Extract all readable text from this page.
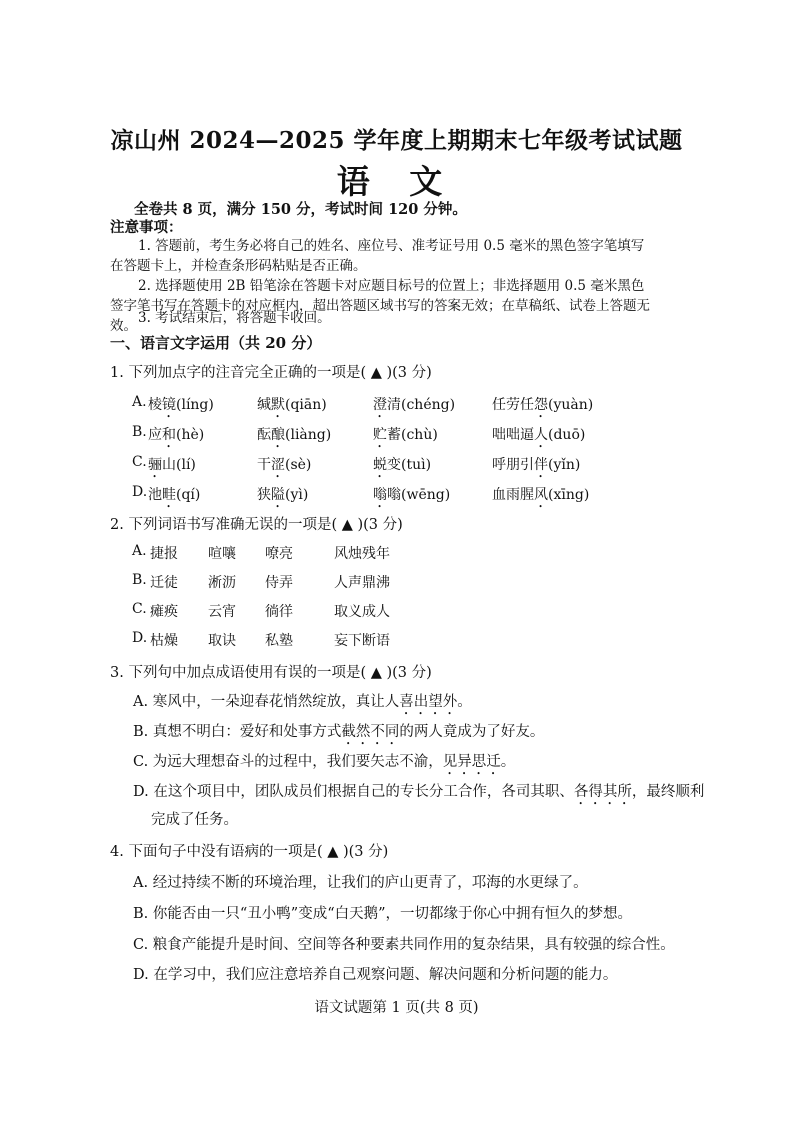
凉山州 2024—2025 学年度上期期末七年级考试试题
语 文
全卷共 8 页，满分 150 分，考试时间 120 分钟。
注意事项：

1. 答题前，考生务必将自己的姓名、座位号、准考证号用 0.5 毫米的黑色签字笔填写在答题卡上，并检查条形码粘贴是否正确。

2. 选择题使用 2B 铅笔涂在答题卡对应题目标号的位置上；非选择题用 0.5 毫米黑色签字笔书写在答题卡的对应框内，超出答题区域书写的答案无效；在草稿纸、试卷上答题无效。 3. 考试结束后，将答题卡收回。

一、语言文字运用（共 20 分）
1. 下列加点字的注音完全正确的一项是( ▲ )(3 分)
A. 棱镜(líng)	缄默(qiān)	澄清(chéng)	任劳任怨(yuàn)
B. 应和(hè)	酝酿(liàng)	贮蓄(chù)	咄咄逼人(duō)
C. 骊山(lí)	干涩(sè)	蜕变(tuì)	呼朋引伴(yǐn)
D. 池畦(qí)	狭隘(yì)	嗡嗡(wēng)	血雨腥风(xīng)
2. 下列词语书写准确无误的一项是( ▲ )(3 分)
A. 捷报 喧嚷 嘹亮	风烛残年
B. 迁徒 淅沥 侍弄	人声鼎沸
C. 瘫痪 云宵 徜徉	取义成人
D. 枯燥 取诀 私塾	妄下断语
3. 下列句中加点成语使用有误的一项是( ▲ )(3 分)
A. 寒风中，一朵迎春花悄然绽放，真让人喜出望外。
B. 真想不明白：爱好和处事方式截然不同的两人竟成为了好友。
C. 为远大理想奋斗的过程中，我们要矢志不渝，见异思迁。
D. 在这个项目中，团队成员们根据自己的专长分工合作，各司其职、各得其所，最终顺利
完成了任务。
4. 下面句子中没有语病的一项是( ▲ )(3 分)
A. 经过持续不断的环境治理，让我们的庐山更青了，邛海的水更绿了。
B. 你能否由一只“丑小鸭”变成“白天鹅”，一切都缘于你心中拥有恒久的梦想。
C. 粮食产能提升是时间、空间等各种要素共同作用的复杂结果，具有较强的综合性。
D. 在学习中，我们应注意培养自己观察问题、解决问题和分析问题的能力。
语文试题第 1 页(共 8 页)
